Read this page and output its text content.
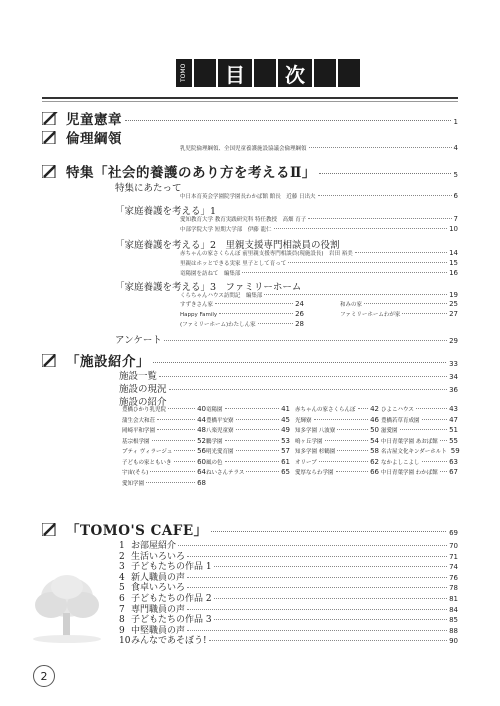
TOMO	目	次
児童憲章	1
倫理綱領
乳児院倫理綱領、全国児童養護施設協議会倫理綱領	4
特集「社会的養護のあり方を考えるⅡ」	5
特集にあたって
中日本育英会学園院学園長わかば館 館長　近藤 日出夫	6
「家庭養護を考える」1
愛知教育大学 教育実践研究科 特任教授　高畑 育子	7
中部学院大学 短期大学部　伊藤 龍仁	10
「家庭養護を考える」2　里親支援専門相談員の役割
赤ちゃんの家さくらんぼ 前里親支援専門相談員(現施設長)　岩田 裕美	14
里親はホッとできる実家 里子として育って	15
竜陽園を訪ねて　編集部	16
「家庭養護を考える」3　ファミリーホーム
くらちゃんハウス訪問記　編集部	19
すずきさん家	24	和みの家	25
Happy Family	26	ファミリーホームわが家	27
(ファミリーホーム)わたしん家	28
アンケート	29
「施設紹介」	33
施設一覧	34
施設の現況	36
施設の紹介
豊橋ひかり乳児院	40 竜陽園	41 赤ちゃんの家さくらんぼ 42 ひよこハウス	43
蒲生会大和荘	44 豊橋平安寮	45 光輝寮	46 豊橋若草育成園	47
岡崎平和学園	48 八楽児童寮	49 知多学園 八波寮	50 滋愛園	51
基宗根学園	52 鵬学園	53 鳴ヶ丘学園	54 中日青葉学園 あおば館 55
プティ ヴィラージュ	56 明光愛育園	57 知多学園 杉鶴園	58 名古屋文化キンダーホルト 59
子どもの家ともいき	60 風の色	61 オリーブ	62 なかよしこよし	63
宇宙(そら)	64 ねいさんテラス	65 愛厚ならわ学園	66 中日青葉学園 わかば館 67
愛知学園	68
「TOMO'S CAFE」	69
1 お部屋紹介	70
2 生活いろいろ	71
3 子どもたちの作品 1	74
4 新人職員の声	76
5 食卓いろいろ	78
6 子どもたちの作品 2	81
7 専門職員の声	84
8 子どもたちの作品 3	85
9 中堅職員の声	88
10 みんなであそぼう!	90
2
